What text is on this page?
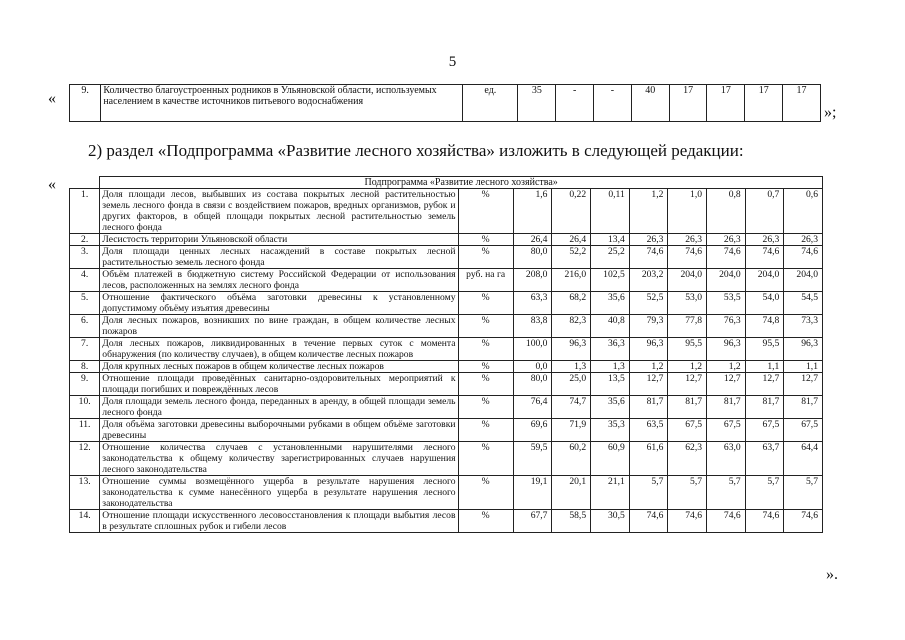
5
«	9.	Количество благоустроенных родников в Ульяновской области, используемых населением в качестве источников питьевого водоснабжения	ед.	35	-	-	40	17	17	17	17
»;
2) раздел «Подпрограмма «Развитие лесного хозяйства» изложить в следующей редакции:
«
		Подпрограмма «Развитие лесного хозяйства»									
1.	Доля площади лесов, выбывших из состава покрытых лесной растительностью земель лесного фонда в связи с воздействием пожаров, вредных организмов, рубок и других факторов, в общей площади покрытых лесной растительностью земель лесного фонда	%	1,6	0,22	0,11	1,2	1,0	0,8	0,7	0,6
2.	Лесистость территории Ульяновской области	%	26,4	26,4	13,4	26,3	26,3	26,3	26,3	26,3
3.	Доля площади ценных лесных насаждений в составе покрытых лесной растительностью земель лесного фонда	%	80,0	52,2	25,2	74,6	74,6	74,6	74,6	74,6
4.	Объём платежей в бюджетную систему Российской Федерации от использования лесов, расположенных на землях лесного фонда	руб. на га	208,0	216,0	102,5	203,2	204,0	204,0	204,0	204,0
5.	Отношение фактического объёма заготовки древесины к установленному допустимому объёму изъятия древесины	%	63,3	68,2	35,6	52,5	53,0	53,5	54,0	54,5
6.	Доля лесных пожаров, возникших по вине граждан, в общем количестве лесных пожаров	%	83,8	82,3	40,8	79,3	77,8	76,3	74,8	73,3
7.	Доля лесных пожаров, ликвидированных в течение первых суток с момента обнаружения (по количеству случаев), в общем количестве лесных пожаров	%	100,0	96,3	36,3	96,3	95,5	96,3	95,5	96,3
8.	Доля крупных лесных пожаров в общем количестве лесных пожаров	%	0,0	1,3	1,3	1,2	1,2	1,2	1,1	1,1
9.	Отношение площади проведённых санитарно-оздоровительных мероприятий к площади погибших и повреждённых лесов	%	80,0	25,0	13,5	12,7	12,7	12,7	12,7	12,7
10.	Доля площади земель лесного фонда, переданных в аренду, в общей площади земель лесного фонда	%	76,4	74,7	35,6	81,7	81,7	81,7	81,7	81,7
11.	Доля объёма заготовки древесины выборочными рубками в общем объёме заготовки древесины	%	69,6	71,9	35,3	63,5	67,5	67,5	67,5	67,5
12.	Отношение количества случаев с установленными нарушителями лесного законодательства к общему количеству зарегистрированных случаев нарушения лесного законодательства	%	59,5	60,2	60,9	61,6	62,3	63,0	63,7	64,4
13.	Отношение суммы возмещённого ущерба в результате нарушения лесного законодательства к сумме нанесённого ущерба в результате нарушения лесного законодательства	%	19,1	20,1	21,1	5,7	5,7	5,7	5,7	5,7
14.	Отношение площади искусственного лесовосстановления к площади выбытия лесов в результате сплошных рубок и гибели лесов	%	67,7	58,5	30,5	74,6	74,6	74,6	74,6	74,6
».
